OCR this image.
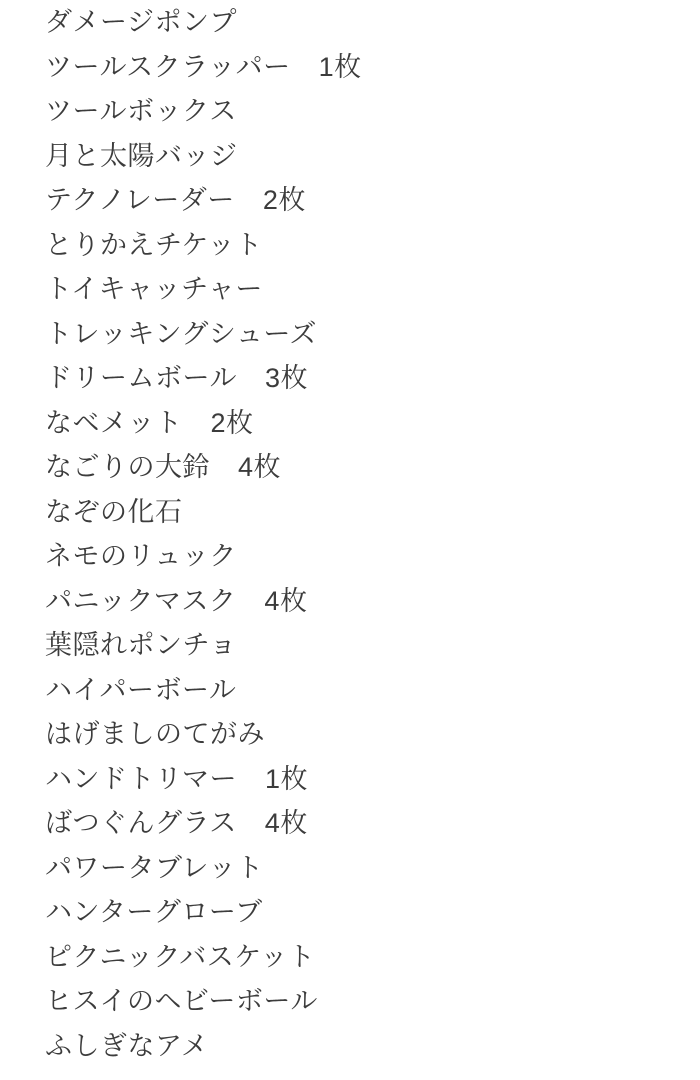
ダメージポンプ
ツールスクラッパー 1枚
ツールボックス
月と太陽バッジ
テクノレーダー 2枚
とりかえチケット
トイキャッチャー
トレッキングシューズ
ドリームボール 3枚
なベメット 2枚
なごりの大鈴 4枚
なぞの化石
ネモのリュック
パニックマスク 4枚
葉隠れポンチョ
ハイパーボール
はげましのてがみ
ハンドトリマー 1枚
ばつぐんグラス 4枚
パワータブレット
ハンターグローブ
ピクニックバスケット
ヒスイのヘビーボール
ふしぎなアメ
